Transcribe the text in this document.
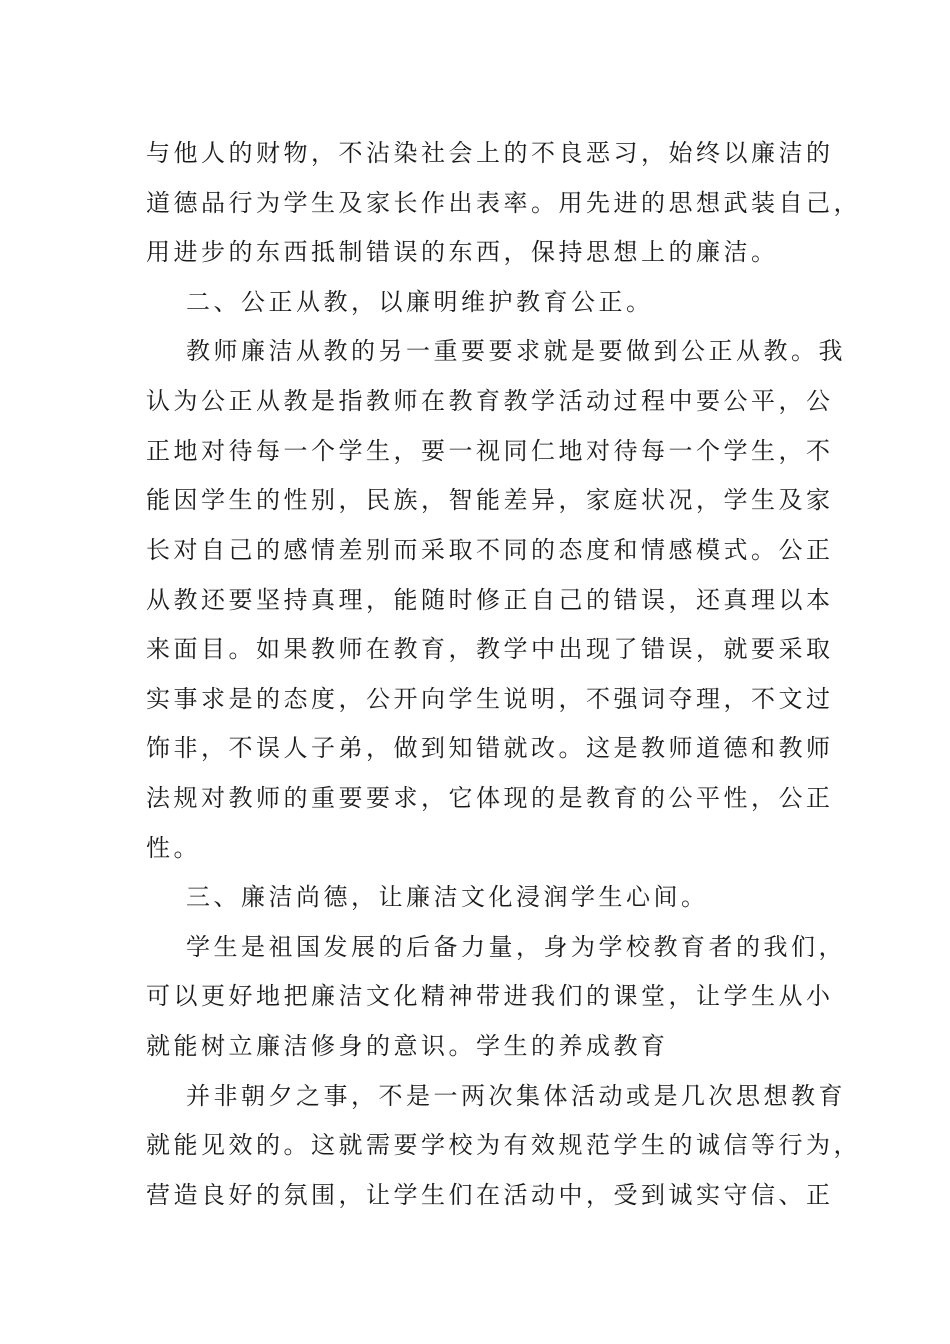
与他人的财物，不沾染社会上的不良恶习，始终以廉洁的
道德品行为学生及家长作出表率。用先进的思想武装自己，
用进步的东西抵制错误的东西，保持思想上的廉洁。
二、公正从教，以廉明维护教育公正。
教师廉洁从教的另一重要要求就是要做到公正从教。我
认为公正从教是指教师在教育教学活动过程中要公平，公
正地对待每一个学生，要一视同仁地对待每一个学生，不
能因学生的性别，民族，智能差异，家庭状况，学生及家
长对自己的感情差别而采取不同的态度和情感模式。公正
从教还要坚持真理，能随时修正自己的错误，还真理以本
来面目。如果教师在教育，教学中出现了错误，就要采取
实事求是的态度，公开向学生说明，不强词夺理，不文过
饰非，不误人子弟，做到知错就改。这是教师道德和教师
法规对教师的重要要求，它体现的是教育的公平性，公正
性。
三、廉洁尚德，让廉洁文化浸润学生心间。
学生是祖国发展的后备力量，身为学校教育者的我们，
可以更好地把廉洁文化精神带进我们的课堂，让学生从小
就能树立廉洁修身的意识。学生的养成教育
并非朝夕之事，不是一两次集体活动或是几次思想教育
就能见效的。这就需要学校为有效规范学生的诚信等行为，
营造良好的氛围，让学生们在活动中，受到诚实守信、正
